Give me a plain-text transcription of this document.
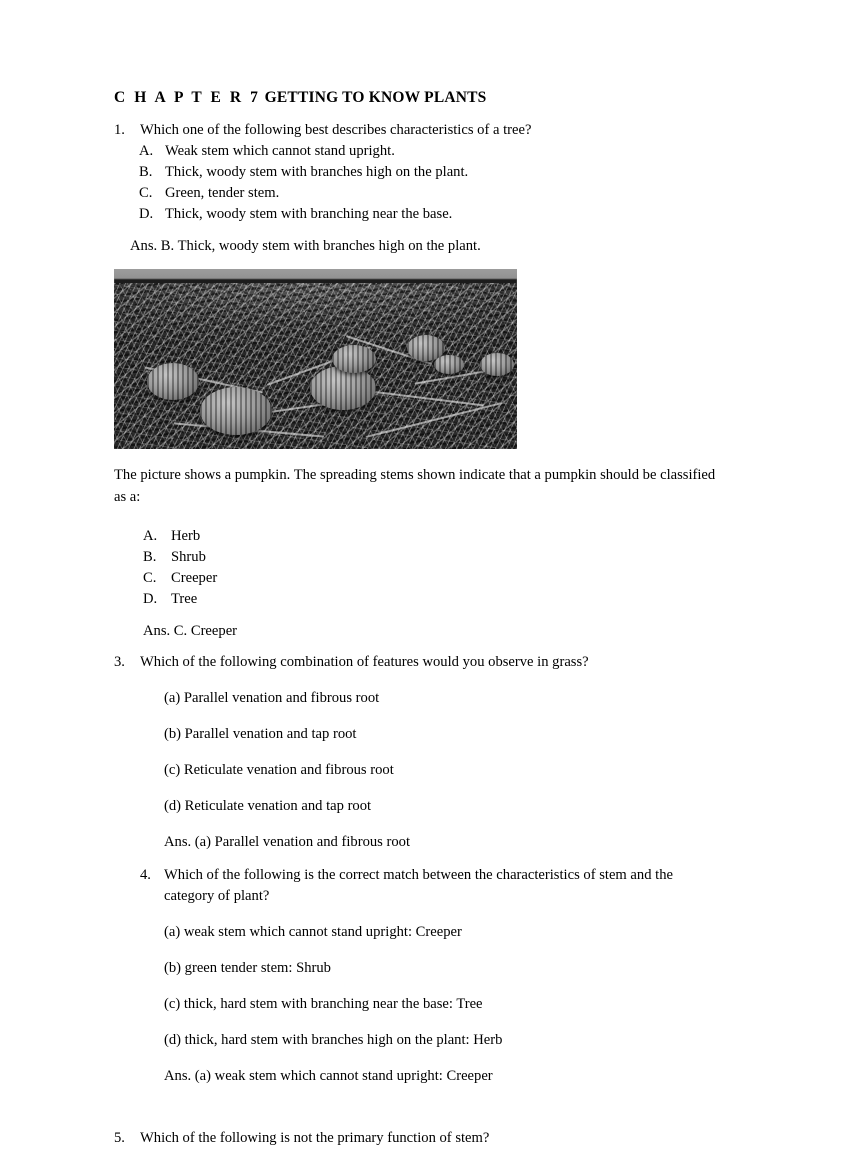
C H A P T E R 7 GETTING TO KNOW PLANTS
1.	Which one of the following best describes characteristics of a tree?
A. Weak stem which cannot stand upright.
B. Thick, woody stem with branches high on the plant.
C. Green, tender stem.
D. Thick, woody stem with branching near the base.
Ans. B. Thick, woody stem with branches high on the plant.
The picture shows a pumpkin. The spreading stems shown indicate that a pumpkin should be classified as a:
A. Herb
B.	Shrub
C.	Creeper
D. Tree
Ans. C. Creeper
3.	Which of the following combination of features would you observe in grass?
(a) Parallel venation and fibrous root
(b) Parallel venation and tap root
(c) Reticulate venation and fibrous root
(d) Reticulate venation and tap root
Ans. (a) Parallel venation and fibrous root
4. Which of the following is the correct match between the characteristics of stem and the category of plant?
(a) weak stem which cannot stand upright: Creeper
(b) green tender stem: Shrub
(c) thick, hard stem with branching near the base: Tree
(d) thick, hard stem with branches high on the plant: Herb
Ans. (a) weak stem which cannot stand upright: Creeper
5.	Which of the following is not the primary function of stem?
